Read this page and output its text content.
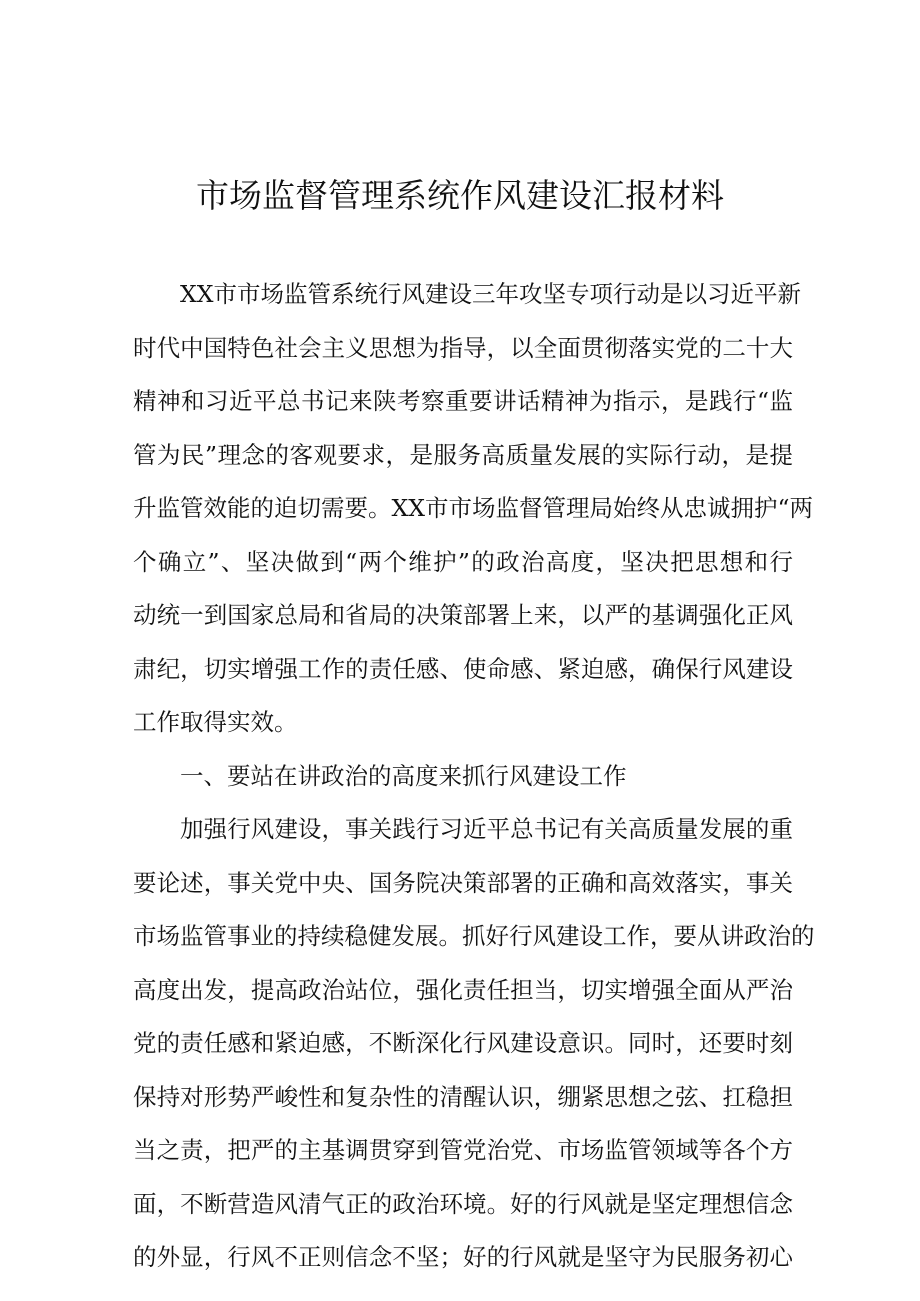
市场监督管理系统作风建设汇报材料
XX市市场监管系统行风建设三年攻坚专项行动是以习近平新
时代中国特色社会主义思想为指导，以全面贯彻落实党的二十大
精神和习近平总书记来陕考察重要讲话精神为指示，是践行“监
管为民”理念的客观要求，是服务高质量发展的实际行动，是提
升监管效能的迫切需要。XX市市场监督管理局始终从忠诚拥护“两
个确立”、坚决做到“两个维护”的政治高度，坚决把思想和行
动统一到国家总局和省局的决策部署上来，以严的基调强化正风
肃纪，切实增强工作的责任感、使命感、紧迫感，确保行风建设
工作取得实效。
一、要站在讲政治的高度来抓行风建设工作
加强行风建设，事关践行习近平总书记有关高质量发展的重
要论述，事关党中央、国务院决策部署的正确和高效落实，事关
市场监管事业的持续稳健发展。抓好行风建设工作，要从讲政治的
高度出发，提高政治站位，强化责任担当，切实增强全面从严治
党的责任感和紧迫感，不断深化行风建设意识。同时，还要时刻
保持对形势严峻性和复杂性的清醒认识，绷紧思想之弦、扛稳担
当之责，把严的主基调贯穿到管党治党、市场监管领域等各个方
面，不断营造风清气正的政治环境。好的行风就是坚定理想信念
的外显，行风不正则信念不坚；好的行风就是坚守为民服务初心
